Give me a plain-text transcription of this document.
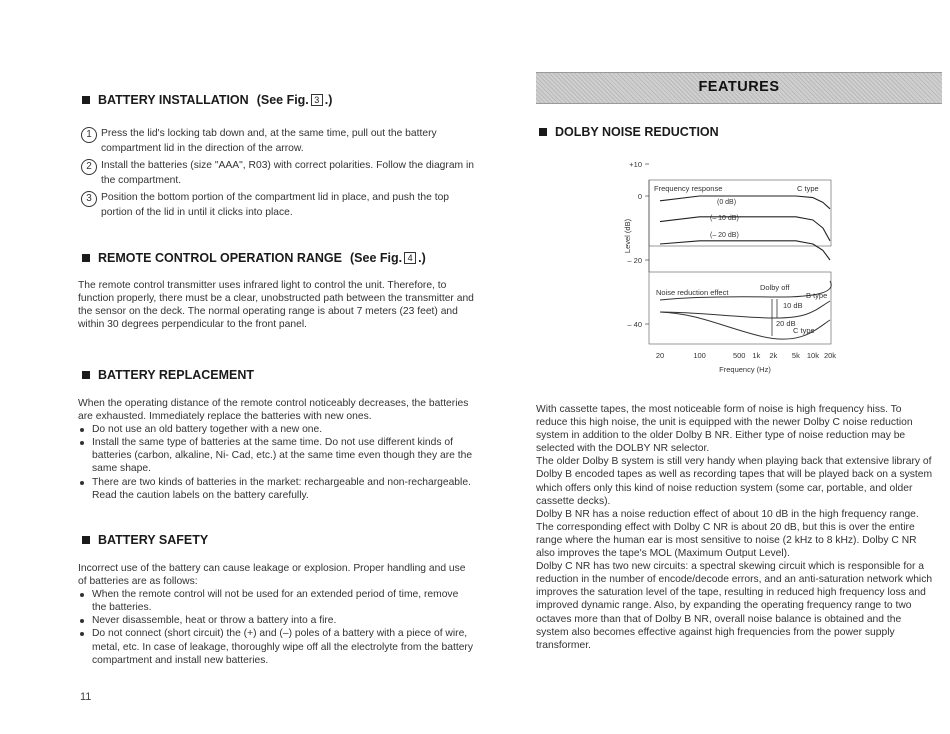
BATTERY INSTALLATION (See Fig. 3 .)
1 Press the lid's locking tab down and, at the same time, pull out the battery compartment lid in the direction of the arrow.
2 Install the batteries (size "AAA", R03) with correct polarities. Follow the diagram in the compartment.
3 Position the bottom portion of the compartment lid in place, and push the top portion of the lid in until it clicks into place.
REMOTE CONTROL OPERATION RANGE (See Fig. 4 .)
The remote control transmitter uses infrared light to control the unit. Therefore, to function properly, there must be a clear, unobstructed path between the transmitter and the sensor on the deck. The normal operating range is about 7 meters (23 feet) and within 30 degrees perpendicular to the front panel.
BATTERY REPLACEMENT
When the operating distance of the remote control noticeably decreases, the batteries are exhausted. Immediately replace the batteries with new ones.
Do not use an old battery together with a new one.
Install the same type of batteries at the same time. Do not use different kinds of batteries (carbon, alkaline, Ni- Cad, etc.) at the same time even though they are the same shape.
There are two kinds of batteries in the market: rechargeable and non-rechargeable. Read the caution labels on the battery carefully.
BATTERY SAFETY
Incorrect use of the battery can cause leakage or explosion. Proper handling and use of batteries are as follows:
When the remote control will not be used for an extended period of time, remove the batteries.
Never disassemble, heat or throw a battery into a fire.
Do not connect (short circuit) the (+) and (–) poles of a battery with a piece of wire, metal, etc. In case of leakage, thoroughly wipe off all the electrolyte from the battery compartment and install new batteries.
11
FEATURES
DOLBY NOISE REDUCTION
+10
0
– 20
– 40
Frequency response	C type
(0 dB)
(– 10 dB)
(– 20 dB)
Noise reduction effect
Dolby off
B type
10 dB
20 dB
C type
20	100	500 1k 2k 5k 10k 20k
Frequency (Hz)
Level (dB)
With cassette tapes, the most noticeable form of noise is high frequency hiss. To reduce this high noise, the unit is equipped with the newer Dolby C noise reduction system in addition to the older Dolby B NR. Either type of noise reduction may be selected with the DOLBY NR selector.
The older Dolby B system is still very handy when playing back that extensive library of Dolby B encoded tapes as well as recording tapes that will be played back on a system which offers only this kind of noise reduction system (some car, portable, and older cassette decks).
Dolby B NR has a noise reduction effect of about 10 dB in the high frequency range. The corresponding effect with Dolby C NR is about 20 dB, but this is over the entire range where the human ear is most sensitive to noise (2 kHz to 8 kHz). Dolby C NR also improves the tape's MOL (Maximum Output Level).
Dolby C NR has two new circuits: a spectral skewing circuit which is responsible for a reduction in the number of encode/decode errors, and an anti-saturation network which improves the saturation level of the tape, resulting in reduced high frequency loss and improved dynamic range. Also, by expanding the operating frequency range to two octaves more than that of Dolby B NR, overall noise balance is obtained and the system also becomes effective against high frequencies from the power supply transformer.
